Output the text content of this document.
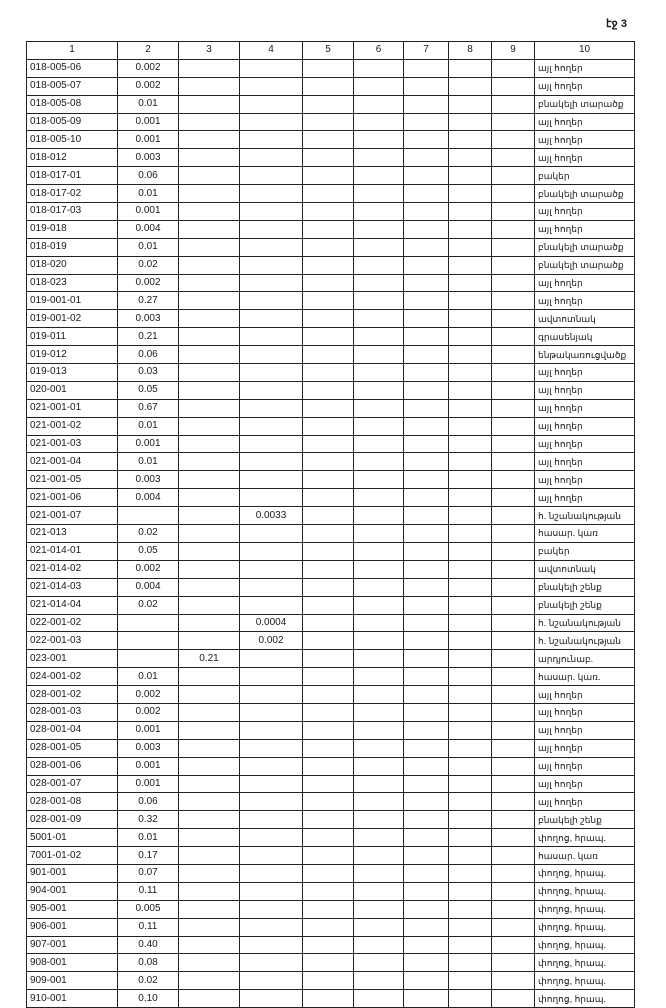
էջ 3
1	2	3	4	5	6	7	8	9	10
018-005-06	0.002								այլ հողեր
018-005-07	0.002								այլ հողեր
018-005-08	0.01								բնակելի տարածք
018-005-09	0.001								այլ հողեր
018-005-10	0.001								այլ հողեր
018-012	0.003								այլ հողեր
018-017-01	0.06								բակեր
018-017-02	0.01								բնակելի տարածք
018-017-03	0.001								այլ հողեր
019-018	0.004								այլ հողեր
018-019	0.01								բնակելի տարածք
018-020	0.02								բնակելի տարածք
018-023	0.002								այլ հողեր
019-001-01	0.27								այլ հողեր
019-001-02	0.003								ավտոտնակ
019-011	0.21								գրասենյակ
019-012	0.06								ենթակառուցվածք
019-013	0.03								այլ հողեր
020-001	0.05								այլ հողեր
021-001-01	0.67								այլ հողեր
021-001-02	0.01								այլ հողեր
021-001-03	0.001								այլ հողեր
021-001-04	0.01								այլ հողեր
021-001-05	0.003								այլ հողեր
021-001-06	0.004								այլ հողեր
021-001-07			0.0033						հ. նշանակության
021-013	0.02								հասար. կառ
021-014-01	0.05								բակեր
021-014-02	0.002								ավտոտնակ
021-014-03	0.004								բնակելի շենք
021-014-04	0.02								բնակելի շենք
022-001-02			0.0004						հ. նշանակության
022-001-03			0.002						հ. նշանակության
023-001		0.21							արդյունաբ.
024-001-02	0.01								հասար. կառ.
028-001-02	0.002								այլ հողեր
028-001-03	0.002								այլ հողեր
028-001-04	0.001								այլ հողեր
028-001-05	0.003								այլ հողեր
028-001-06	0.001								այլ հողեր
028-001-07	0.001								այլ հողեր
028-001-08	0.06								այլ հողեր
028-001-09	0.32								բնակելի շենք
5001-01	0.01								փողոց, հրապ.
7001-01-02	0.17								հասար. կառ
901-001	0.07								փողոց, հրապ.
904-001	0.11								փողոց, հրապ.
905-001	0.005								փողոց, հրապ.
906-001	0.11								փողոց, հրապ.
907-001	0.40								փողոց, հրապ.
908-001	0.08								փողոց, հրապ.
909-001	0.02								փողոց, հրապ.
910-001	0.10								փողոց, հրապ.
